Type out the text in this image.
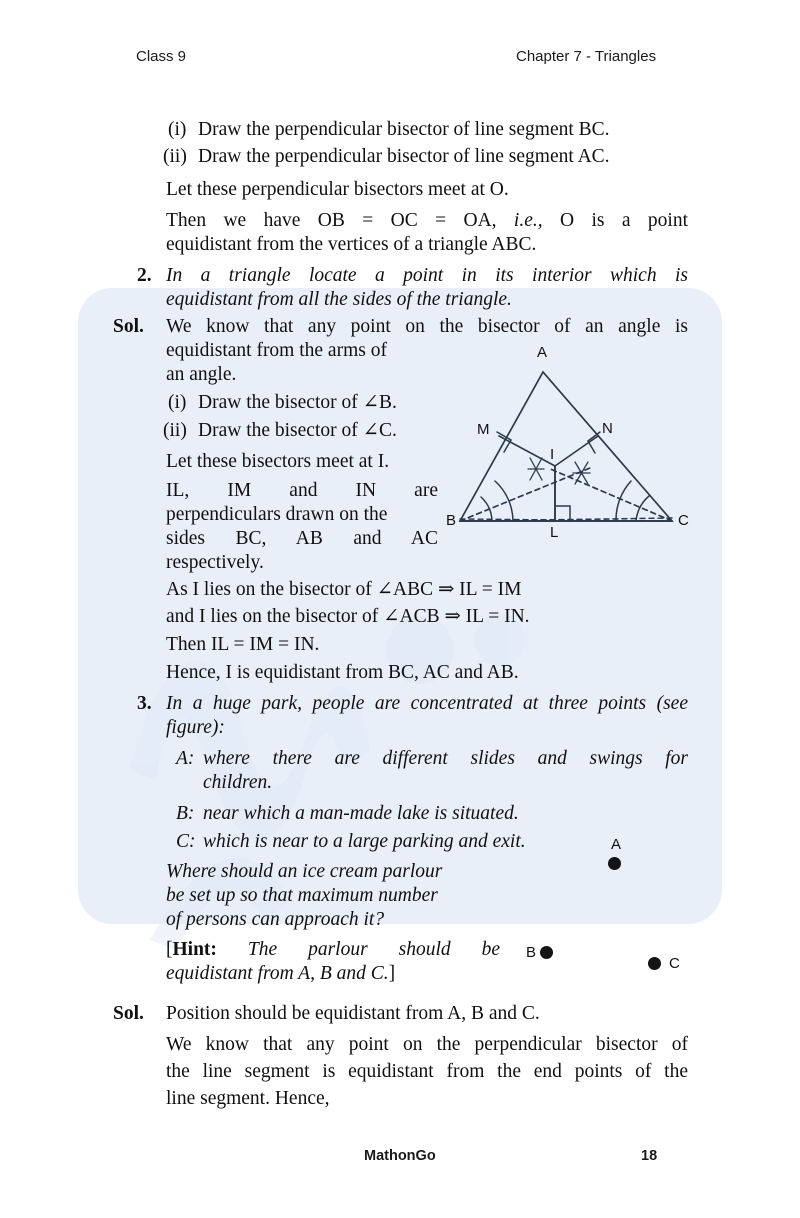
Class 9	Chapter 7 - Triangles
(i) Draw the perpendicular bisector of line segment BC.
(ii) Draw the perpendicular bisector of line segment AC.
Let these perpendicular bisectors meet at O.
Then we have OB = OC = OA, i.e., O is a point
equidistant from the vertices of a triangle ABC.
2. In a triangle locate a point in its interior which is
equidistant from all the sides of the triangle.
Sol. We know that any point on the bisector of an angle is
equidistant from the arms of
an angle.
(i) Draw the bisector of ∠B.
(ii) Draw the bisector of ∠C.
Let these bisectors meet at I.
IL, IM and IN are
perpendiculars drawn on the
sides BC, AB and AC
respectively.
As I lies on the bisector of ∠ABC ⇒ IL = IM
and I lies on the bisector of ∠ACB ⇒ IL = IN.
Then IL = IM = IN.
Hence, I is equidistant from BC, AC and AB.
3. In a huge park, people are concentrated at three points (see
figure):
A: where there are different slides and swings for
children.
B: near which a man-made lake is situated.
C: which is near to a large parking and exit.
Where should an ice cream parlour
be set up so that maximum number
of persons can approach it?
[Hint: The parlour should be
equidistant from A, B and C.]
Sol. Position should be equidistant from A, B and C.
We know that any point on the perpendicular bisector of
the line segment is equidistant from the end points of the
line segment. Hence,
A
B	C
M	N
I
L
A
B
C
MathonGo	18
